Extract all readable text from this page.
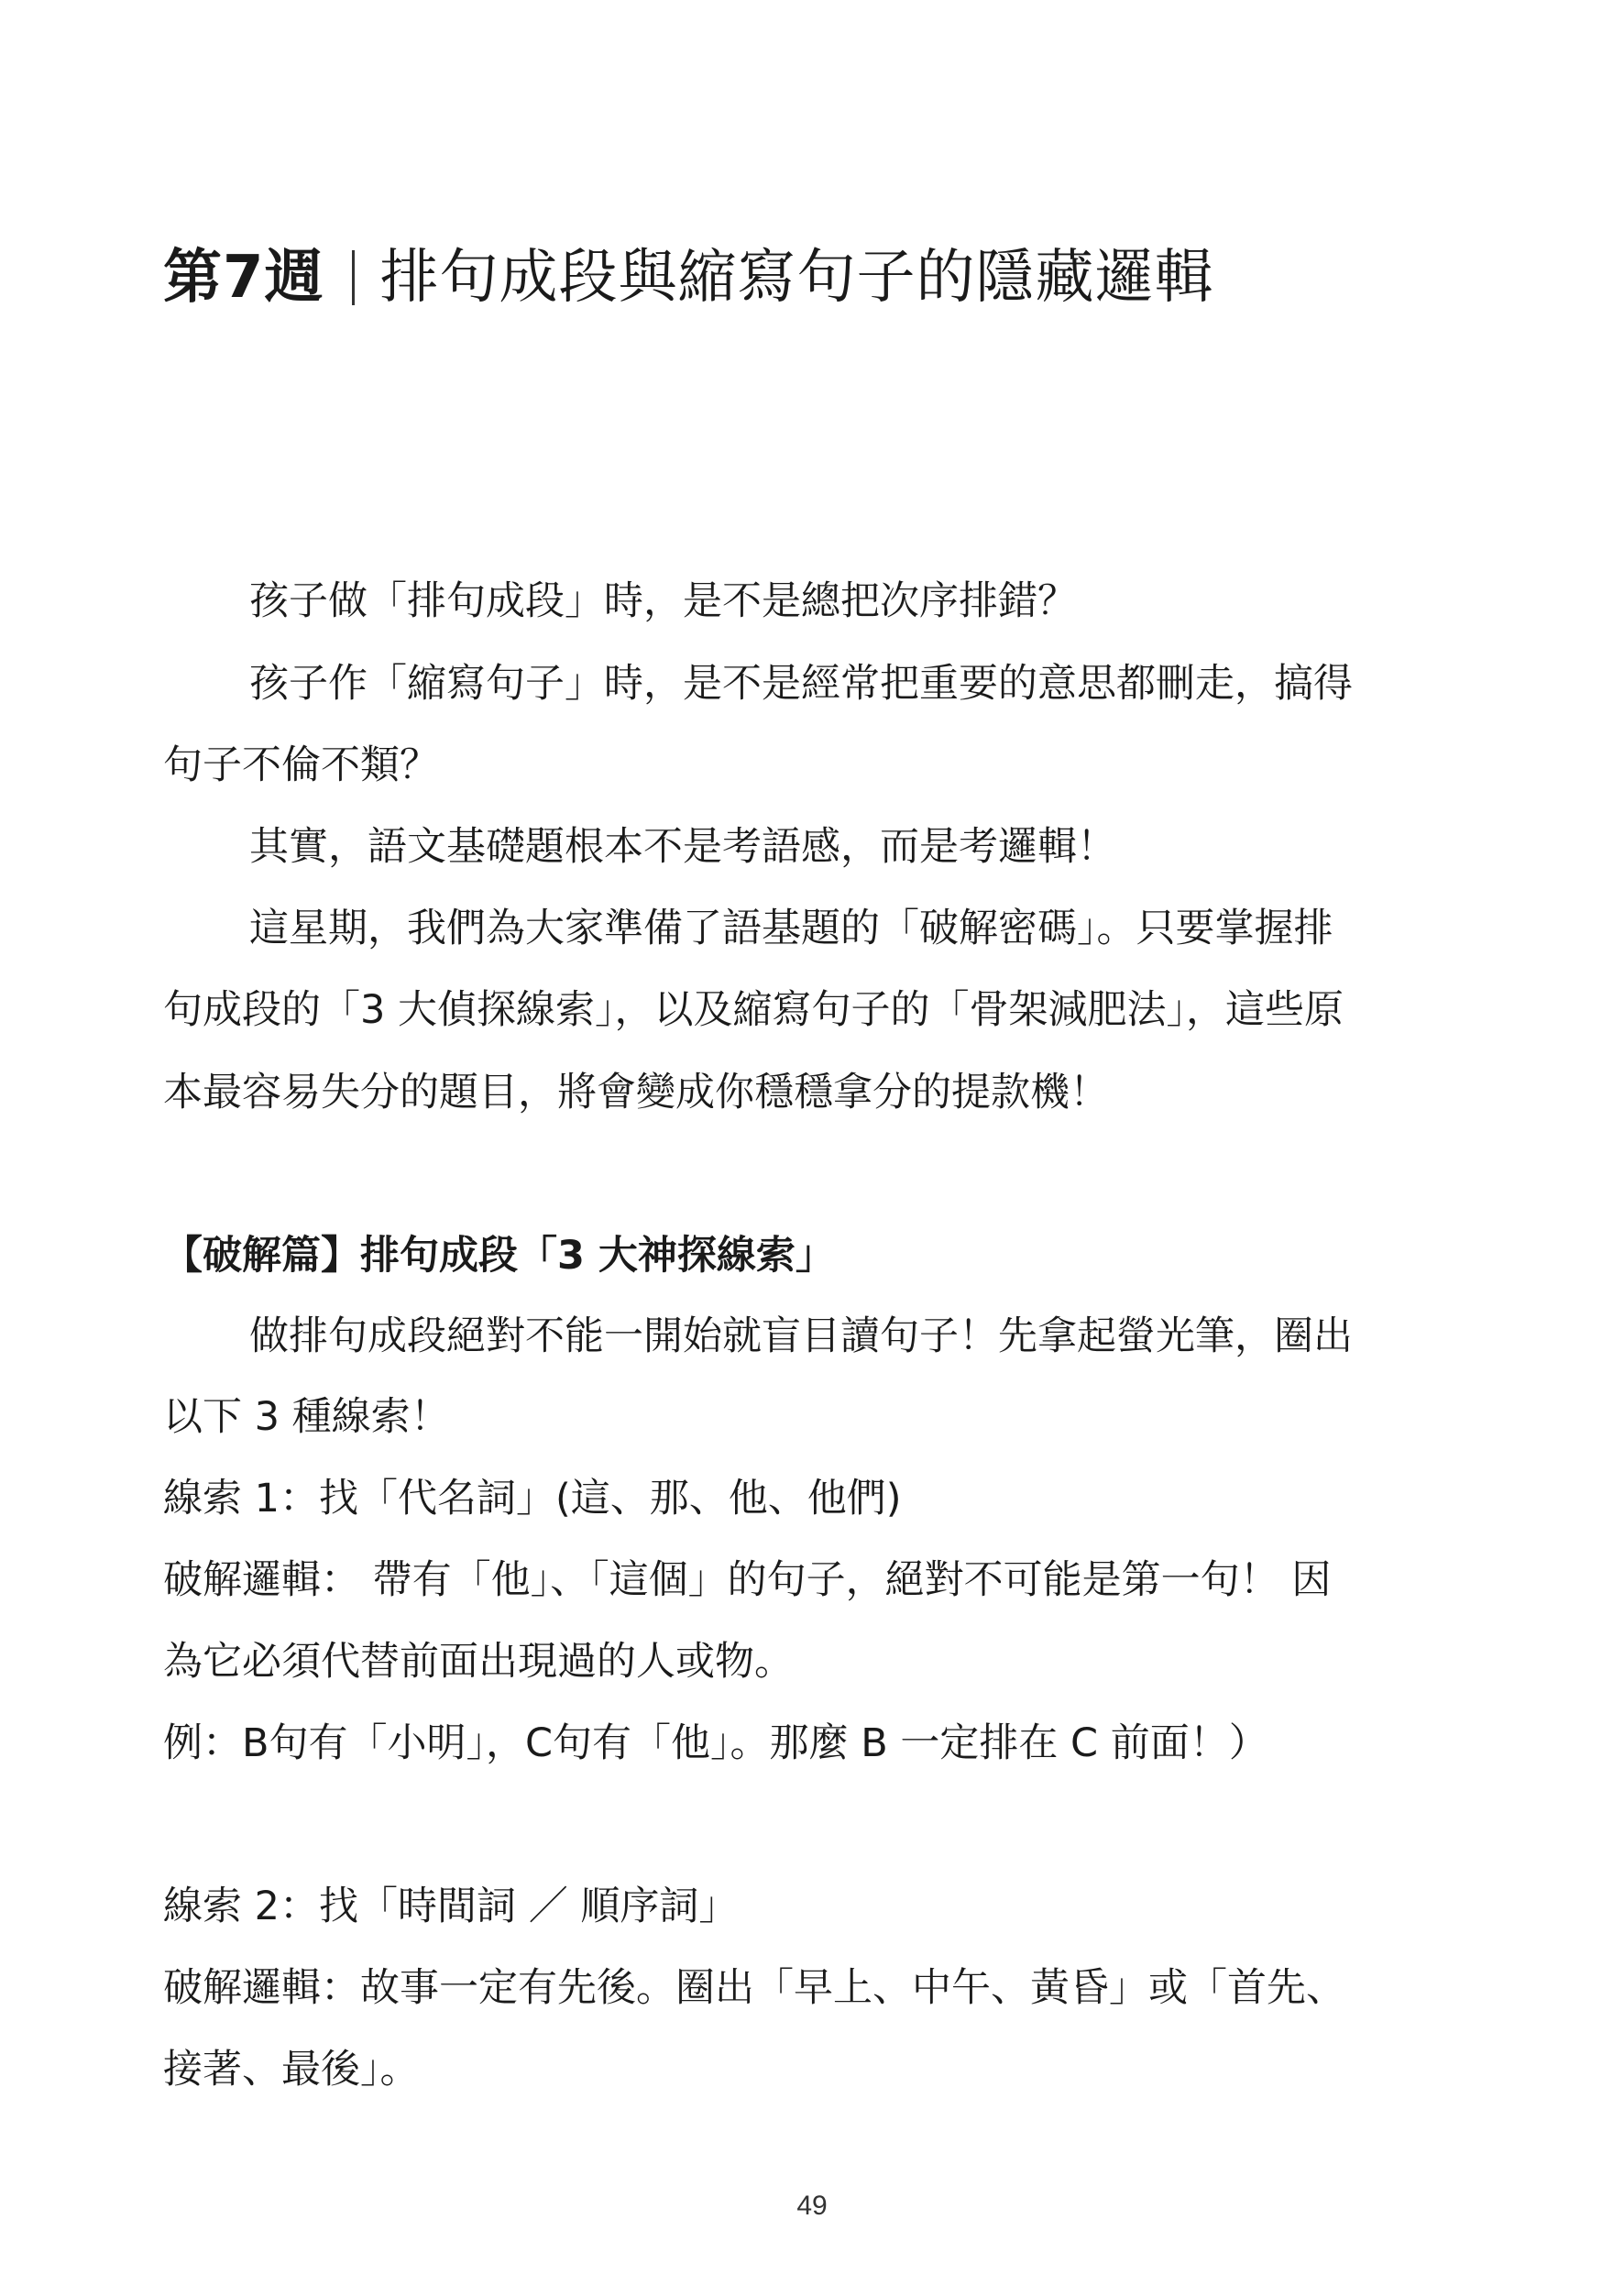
第7週 排句成段與縮寫句子的隱藏邏輯
孩子做「排句成段」時，是不是總把次序排錯？
孩子作「縮寫句子」時，是不是經常把重要的意思都刪走，搞得
句子不倫不類？
其實，語文基礎題根本不是考語感，而是考邏輯！
這星期，我們為大家準備了語基題的「破解密碼」。只要掌握排
句成段的「3 大偵探線索」，以及縮寫句子的「骨架減肥法」，這些原
本最容易失分的題目，將會變成你穩穩拿分的提款機！
【破解篇】排句成段「3 大神探線索」
做排句成段絕對不能一開始就盲目讀句子！先拿起螢光筆，圈出
以下 3 種線索！
線索 1：找「代名詞」(這、那、他、他們)
破解邏輯： 帶有「他」、「這個」的句子，絕對不可能是第一句！ 因
為它必須代替前面出現過的人或物。
例：B句有「小明」，C句有「他」。那麼 B 一定排在 C 前面！）
線索 2：找「時間詞 ／ 順序詞」
破解邏輯：故事一定有先後。圈出「早上、中午、黃昏」或「首先、
接著、最後」。
49
